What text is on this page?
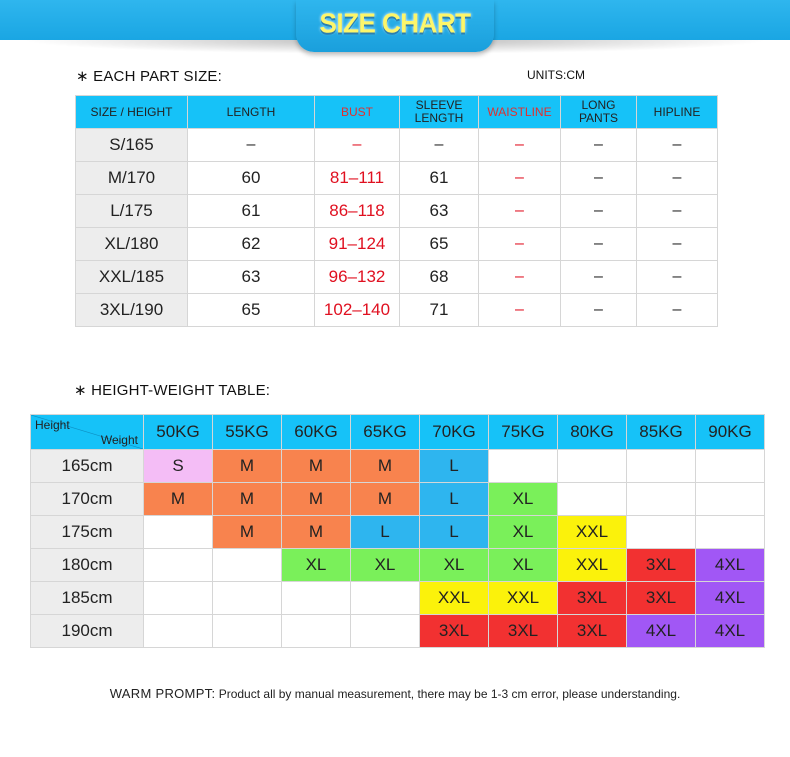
SIZE CHART
∗ EACH PART SIZE:	UNITS:CM
SIZE / HEIGHT	LENGTH	BUST	SLEEVE LENGTH	WAISTLINE	LONG PANTS	HIPLINE
S/165	–	–	–	–	–	–
M/170	60	81–111	61	–	–	–
L/175	61	86–118	63	–	–	–
XL/180	62	91–124	65	–	–	–
XXL/185	63	96–132	68	–	–	–
3XL/190	65	102–140	71	–	–	–
∗ HEIGHT-WEIGHT TABLE:
Height
Weight	50KG	55KG	60KG	65KG	70KG	75KG	80KG	85KG	90KG
165cm	S	M	M	M	L				
170cm	M	M	M	M	L	XL			
175cm		M	M	L	L	XL	XXL		
180cm			XL	XL	XL	XL	XXL	3XL	4XL
185cm					XXL	XXL	3XL	3XL	4XL
190cm					3XL	3XL	3XL	4XL	4XL
WARM PROMPT: Product all by manual measurement, there may be 1-3 cm error, please understanding.
